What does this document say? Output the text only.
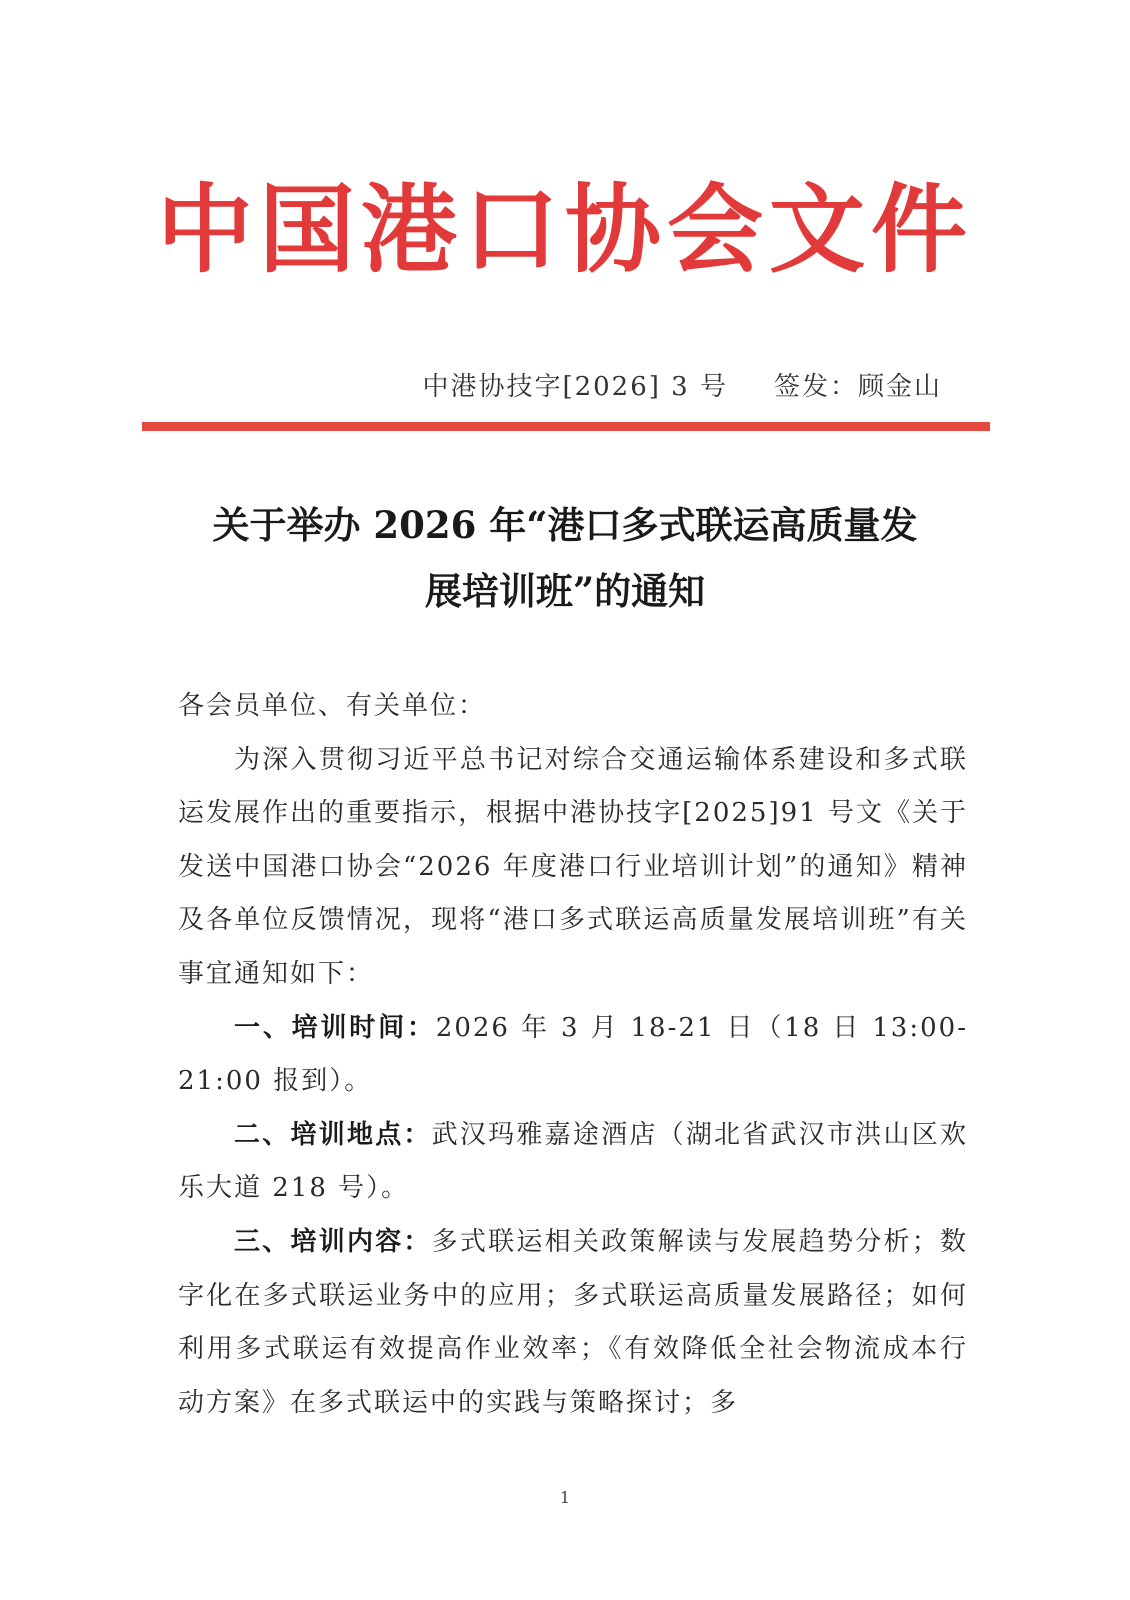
中国港口协会文件
中港协技字[2026] 3 号 签发：顾金山
关于举办 2026 年“港口多式联运高质量发
展培训班”的通知

各会员单位、有关单位：

为深入贯彻习近平总书记对综合交通运输体系建设和多式联运发展作出的重要指示，根据中港协技字[2025]91 号文《关于发送中国港口协会“2026 年度港口行业培训计划”的通知》精神及各单位反馈情况，现将“港口多式联运高质量发展培训班”有关事宜通知如下：

一、培训时间：2026 年 3 月 18-21 日（18 日 13:00-21:00 报到）。

二、培训地点：武汉玛雅嘉途酒店（湖北省武汉市洪山区欢乐大道 218 号）。

三、培训内容：多式联运相关政策解读与发展趋势分析；数字化在多式联运业务中的应用；多式联运高质量发展路径；如何利用多式联运有效提高作业效率；《有效降低全社会物流成本行动方案》在多式联运中的实践与策略探讨；多

1
